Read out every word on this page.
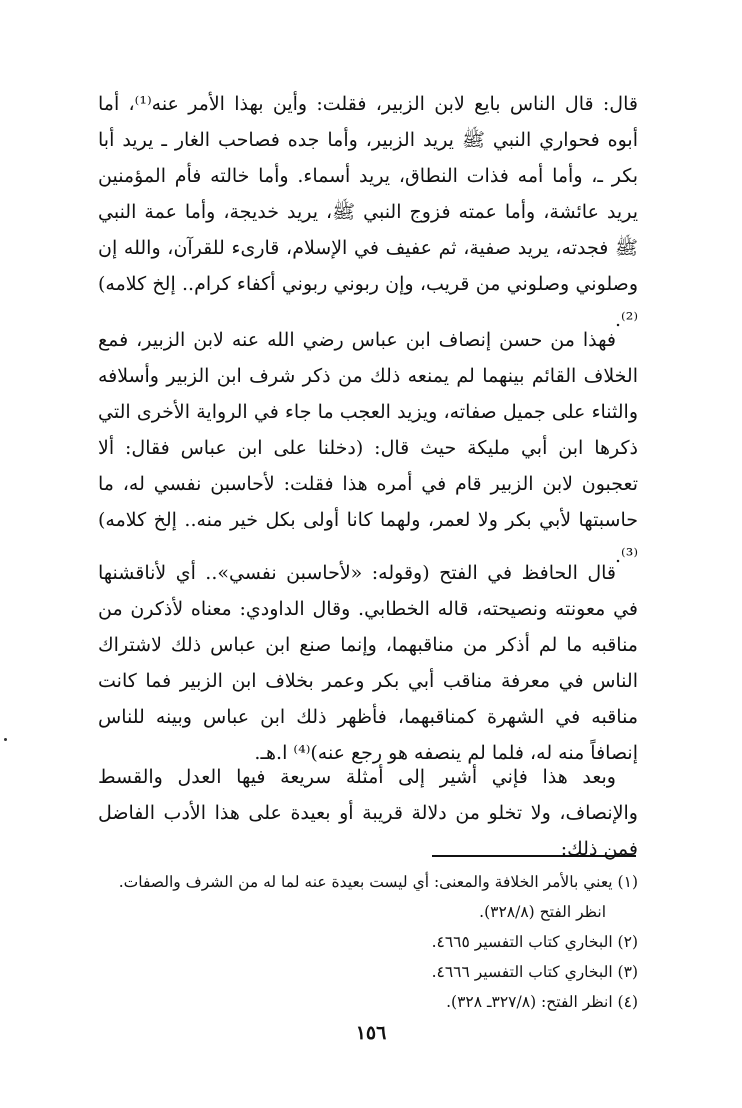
قال: قال الناس بايع لابن الزبير، فقلت: وأين بهذا الأمر عنه⁽¹⁾، أما أبوه فحواري النبي ﷺ يريد الزبير، وأما جده فصاحب الغار ـ يريد أبا بكر ـ، وأما أمه فذات النطاق، يريد أسماء. وأما خالته فأم المؤمنين يريد عائشة، وأما عمته فزوج النبي ﷺ، يريد خديجة، وأما عمة النبي ﷺ فجدته، يريد صفية، ثم عفيف في الإسلام، قارىء للقرآن، والله إن وصلوني وصلوني من قريب، وإن ربوني ربوني أكفاء كرام.. إلخ كلامه)⁽²⁾.

فهذا من حسن إنصاف ابن عباس رضي الله عنه لابن الزبير، فمع الخلاف القائم بينهما لم يمنعه ذلك من ذكر شرف ابن الزبير وأسلافه والثناء على جميل صفاته، ويزيد العجب ما جاء في الرواية الأخرى التي ذكرها ابن أبي مليكة حيث قال: (دخلنا على ابن عباس فقال: ألا تعجبون لابن الزبير قام في أمره هذا فقلت: لأحاسبن نفسي له، ما حاسبتها لأبي بكر ولا لعمر، ولهما كانا أولى بكل خير منه.. إلخ كلامه)⁽³⁾.

قال الحافظ في الفتح (وقوله: «لأحاسبن نفسي».. أي لأناقشنها في معونته ونصيحته، قاله الخطابي. وقال الداودي: معناه لأذكرن من مناقبه ما لم أذكر من مناقبهما، وإنما صنع ابن عباس ذلك لاشتراك الناس في معرفة مناقب أبي بكر وعمر بخلاف ابن الزبير فما كانت مناقبه في الشهرة كمناقبهما، فأظهر ذلك ابن عباس وبينه للناس إنصافاً منه له، فلما لم ينصفه هو رجع عنه)⁽⁴⁾ ا.هـ.

وبعد هذا فإني أشير إلى أمثلة سريعة فيها العدل والقسط والإنصاف، ولا تخلو من دلالة قريبة أو بعيدة على هذا الأدب الفاضل فمن ذلك:

(١) يعني بالأمر الخلافة والمعنى: أي ليست بعيدة عنه لما له من الشرف والصفات.

انظر الفتح (٣٢٨/٨).

(٢) البخاري كتاب التفسير ٤٦٦٥.

(٣) البخاري كتاب التفسير ٤٦٦٦.

(٤) انظر الفتح: (٣٢٧/٨ـ ٣٢٨).

١٥٦
